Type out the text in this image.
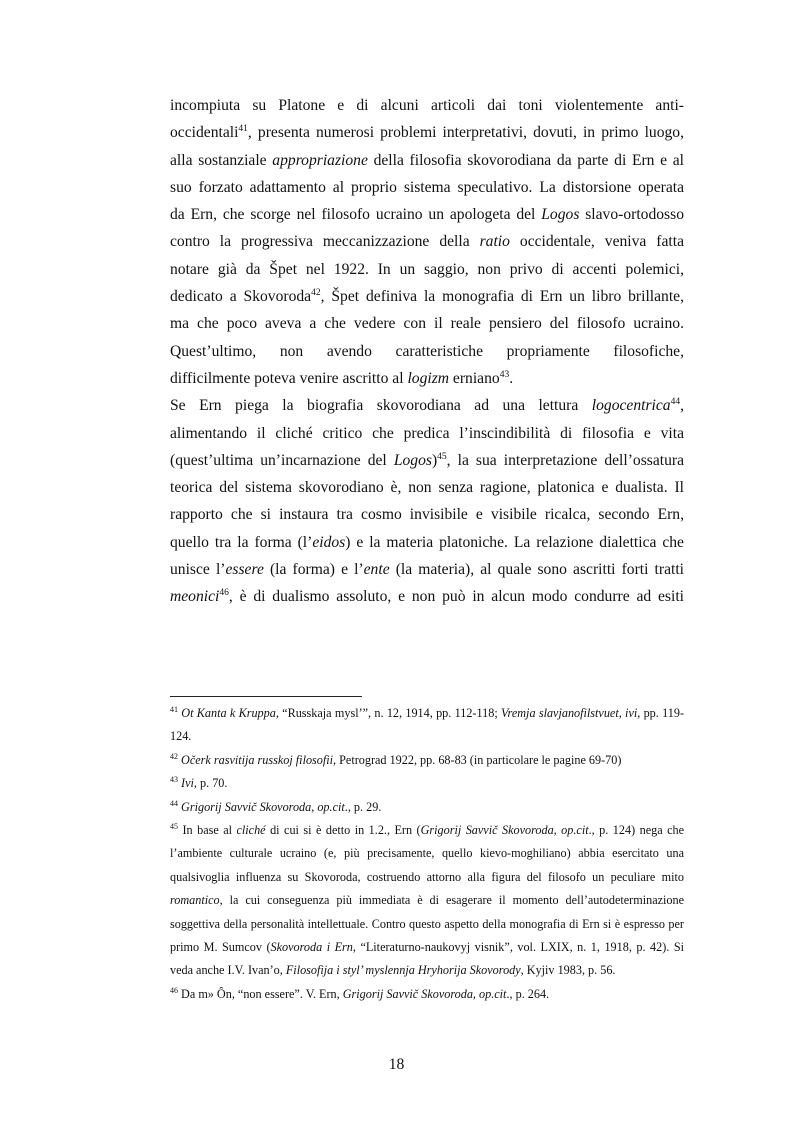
incompiuta su Platone e di alcuni articoli dai toni violentemente anti-
occidentali$^{41}$, presenta numerosi problemi interpretativi, dovuti, in primo luogo,
alla sostanziale appropriazione della filosofia skovorodiana da parte di Ern e al
suo forzato adattamento al proprio sistema speculativo. La distorsione operata
da Ern, che scorge nel filosofo ucraino un apologeta del Logos slavo-ortodosso
contro la progressiva meccanizzazione della ratio occidentale, veniva fatta
notare già da Špet nel 1922. In un saggio, non privo di accenti polemici,
dedicato a Skovoroda$^{42}$, Špet definiva la monografia di Ern un libro brillante,
ma che poco aveva a che vedere con il reale pensiero del filosofo ucraino.
Quest’ultimo, non avendo caratteristiche propriamente filosofiche,
difficilmente poteva venire ascritto al logizm erniano$^{43}$.
Se Ern piega la biografia skovorodiana ad una lettura logocentrica$^{44}$,
alimentando il cliché critico che predica l’inscindibilità di filosofia e vita
(quest’ultima un’incarnazione del Logos)$^{45}$, la sua interpretazione dell’ossatura
teorica del sistema skovorodiano è, non senza ragione, platonica e dualista. Il
rapporto che si instaura tra cosmo invisibile e visibile ricalca, secondo Ern,
quello tra la forma (l’eidos) e la materia platoniche. La relazione dialettica che
unisce l’essere (la forma) e l’ente (la materia), al quale sono ascritti forti tratti
meonici$^{46}$, è di dualismo assoluto, e non può in alcun modo condurre ad esiti

$^{41}$ Ot Kanta k Kruppa, “Russkaja mysl’”, n. 12, 1914, pp. 112-118; Vremja slavjanofilstvuet, ivi, pp. 119-124.

$^{42}$ Očerk rasvitija russkoj filosofii, Petrograd 1922, pp. 68-83 (in particolare le pagine 69-70)

$^{43}$ Ivi, p. 70.

$^{44}$ Grigorij Savvič Skovoroda, op.cit., p. 29.

$^{45}$ In base al cliché di cui si è detto in 1.2., Ern (Grigorij Savvič Skovoroda, op.cit., p. 124) nega che l’ambiente culturale ucraino (e, più precisamente, quello kievo-moghiliano) abbia esercitato una qualsivoglia influenza su Skovoroda, costruendo attorno alla figura del filosofo un peculiare mito romantico, la cui conseguenza più immediata è di esagerare il momento dell’autodeterminazione soggettiva della personalità intellettuale. Contro questo aspetto della monografia di Ern si è espresso per primo M. Sumcov (Skovoroda i Ern, “Literaturno-naukovyj visnik”, vol. LXIX, n. 1, 1918, p. 42). Si veda anche I.V. Ivan’o, Filosofija i styl’ myslennja Hryhorija Skovorody, Kyjiv 1983, p. 56.

$^{46}$ Da m» Ôn, “non essere”. V. Ern, Grigorij Savvič Skovoroda, op.cit., p. 264.

18
